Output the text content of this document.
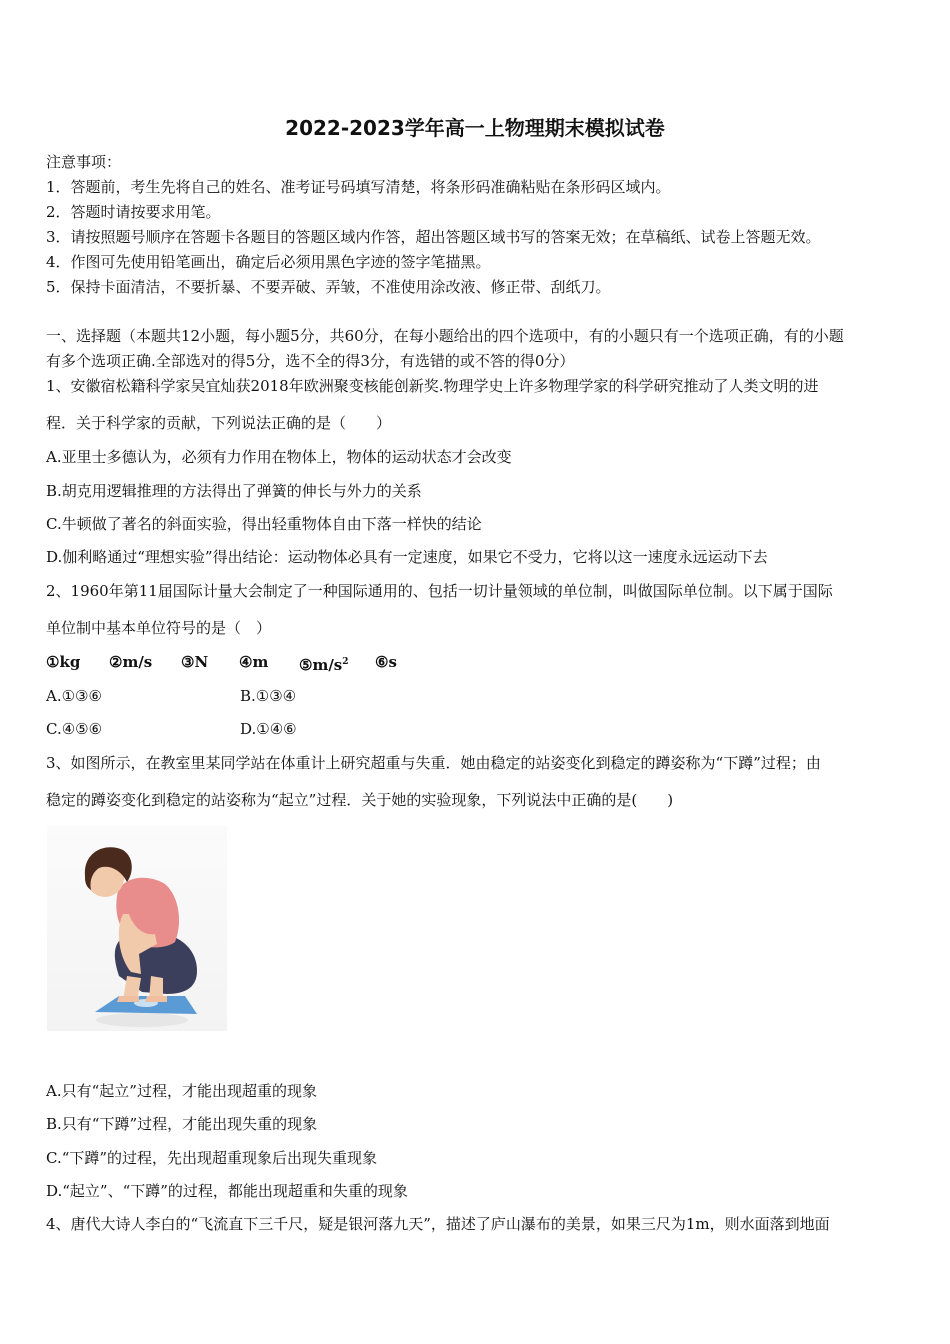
2022-2023学年高一上物理期末模拟试卷
注意事项：
1．答题前，考生先将自己的姓名、准考证号码填写清楚，将条形码准确粘贴在条形码区域内。
2．答题时请按要求用笔。
3．请按照题号顺序在答题卡各题目的答题区域内作答，超出答题区域书写的答案无效；在草稿纸、试卷上答题无效。
4．作图可先使用铅笔画出，确定后必须用黑色字迹的签字笔描黑。
5．保持卡面清洁，不要折暴、不要弄破、弄皱，不准使用涂改液、修正带、刮纸刀。
一、选择题（本题共12小题，每小题5分，共60分，在每小题给出的四个选项中，有的小题只有一个选项正确，有的小题
有多个选项正确.全部选对的得5分，选不全的得3分，有选错的或不答的得0分）
1、安徽宿松籍科学家吴宜灿获2018年欧洲聚变核能创新奖.物理学史上许多物理学家的科学研究推动了人类文明的进
程．关于科学家的贡献，下列说法正确的是（　　）
A.亚里士多德认为，必须有力作用在物体上，物体的运动状态才会改变
B.胡克用逻辑推理的方法得出了弹簧的伸长与外力的关系
C.牛顿做了著名的斜面实验，得出轻重物体自由下落一样快的结论
D.伽利略通过“理想实验”得出结论：运动物体必具有一定速度，如果它不受力，它将以这一速度永远运动下去
2、1960年第11届国际计量大会制定了一种国际通用的、包括一切计量领域的单位制，叫做国际单位制。以下属于国际
单位制中基本单位符号的是（　）
①kg ②m/s ③N ④m $⑤m/s^2$ ⑥s
A.①③⑥	B.①③④
C.④⑤⑥	D.①④⑥
3、如图所示，在教室里某同学站在体重计上研究超重与失重．她由稳定的站姿变化到稳定的蹲姿称为“下蹲”过程；由
稳定的蹲姿变化到稳定的站姿称为“起立”过程．关于她的实验现象，下列说法中正确的是(　　)
A.只有“起立”过程，才能出现超重的现象
B.只有“下蹲”过程，才能出现失重的现象
C.“下蹲”的过程，先出现超重现象后出现失重现象
D.“起立”、“下蹲”的过程，都能出现超重和失重的现象
4、唐代大诗人李白的“飞流直下三千尺，疑是银河落九天”，描述了庐山瀑布的美景，如果三尺为1m，则水面落到地面
